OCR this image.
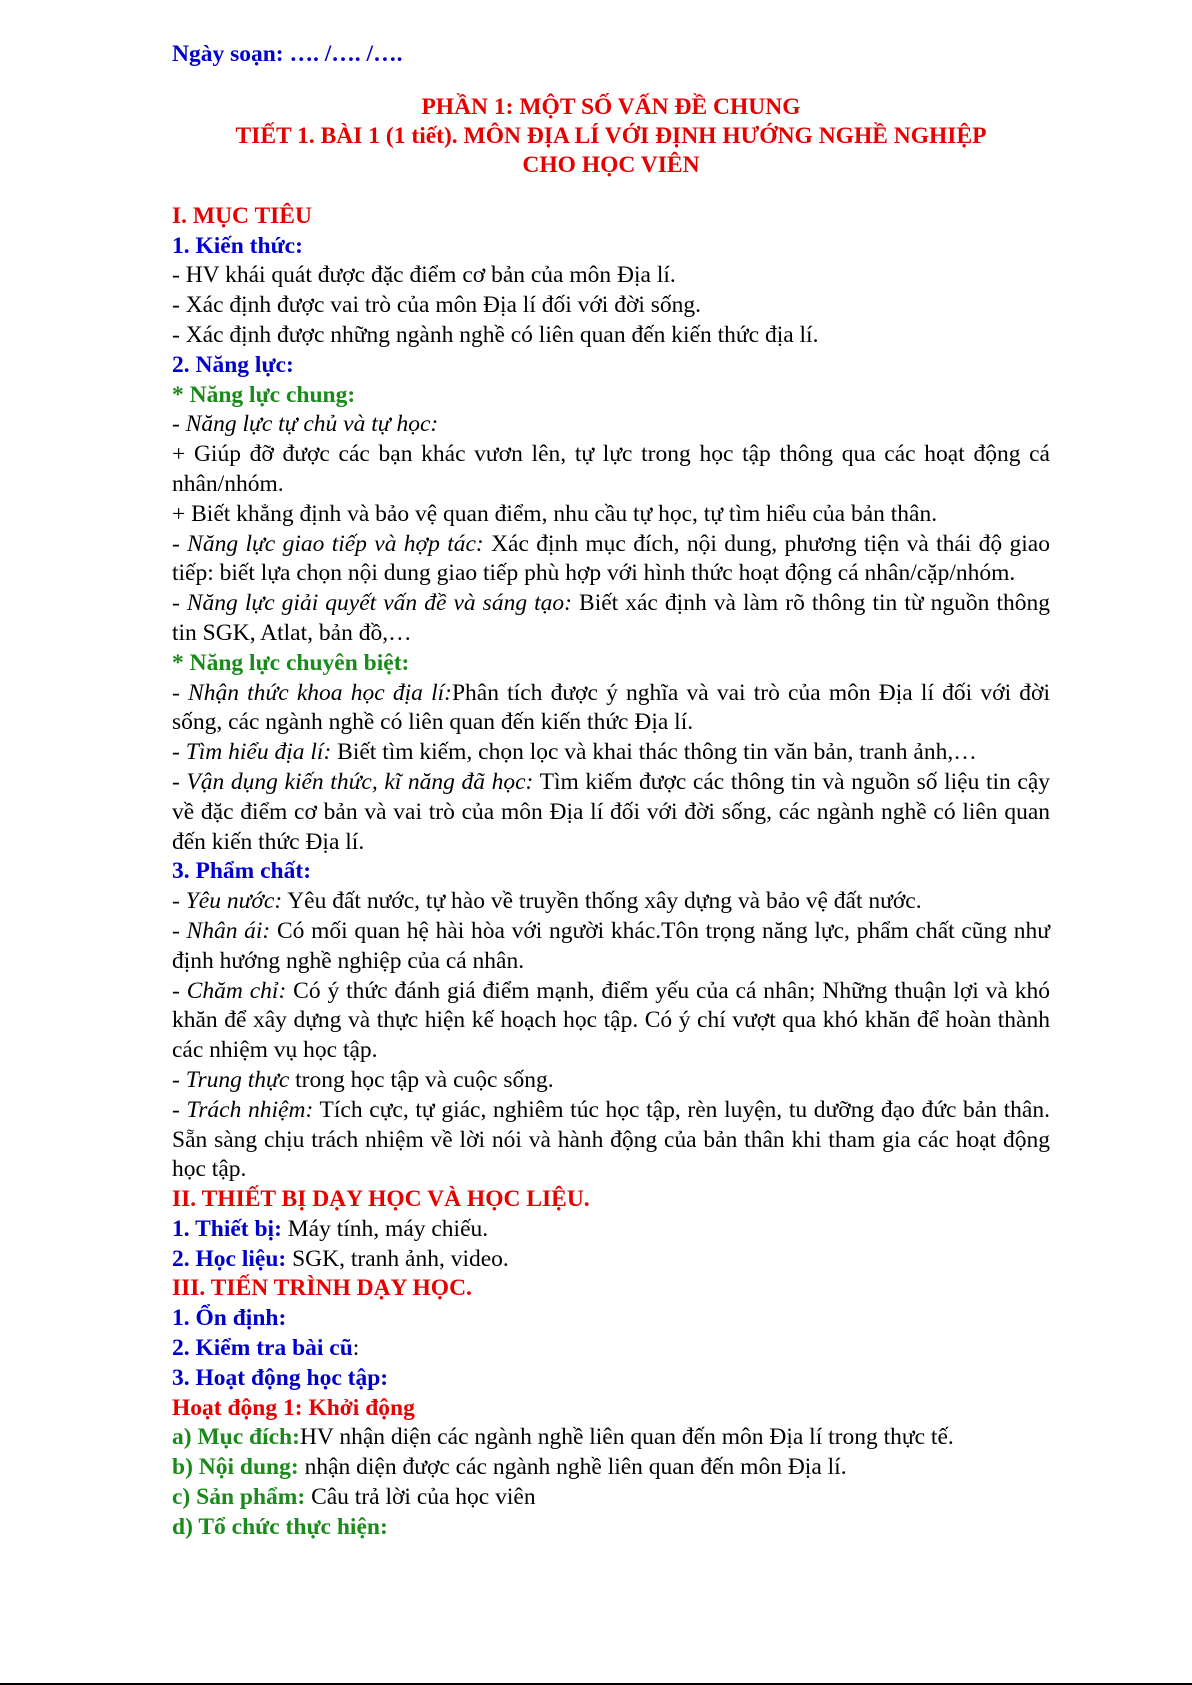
Ngày soạn: …. /…. /….

PHẦN 1: MỘT SỐ VẤN ĐỀ CHUNG

TIẾT 1. BÀI 1 (1 tiết). MÔN ĐỊA LÍ VỚI ĐỊNH HƯỚNG NGHỀ NGHIỆP

CHO HỌC VIÊN

I. MỤC TIÊU

1. Kiến thức:

- HV khái quát được đặc điểm cơ bản của môn Địa lí.

- Xác định được vai trò của môn Địa lí đối với đời sống.

- Xác định được những ngành nghề có liên quan đến kiến thức địa lí.

2. Năng lực:

* Năng lực chung:

- Năng lực tự chủ và tự học:

+ Giúp đỡ được các bạn khác vươn lên, tự lực trong học tập thông qua các hoạt động cá nhân/nhóm.

+ Biết khẳng định và bảo vệ quan điểm, nhu cầu tự học, tự tìm hiểu của bản thân.

- Năng lực giao tiếp và hợp tác: Xác định mục đích, nội dung, phương tiện và thái độ giao tiếp: biết lựa chọn nội dung giao tiếp phù hợp với hình thức hoạt động cá nhân/cặp/nhóm.

- Năng lực giải quyết vấn đề và sáng tạo: Biết xác định và làm rõ thông tin từ nguồn thông tin SGK, Atlat, bản đồ,…

* Năng lực chuyên biệt:

- Nhận thức khoa học địa lí:Phân tích được ý nghĩa và vai trò của môn Địa lí đối với đời sống, các ngành nghề có liên quan đến kiến thức Địa lí.

- Tìm hiểu địa lí: Biết tìm kiếm, chọn lọc và khai thác thông tin văn bản, tranh ảnh,…

- Vận dụng kiến thức, kĩ năng đã học: Tìm kiếm được các thông tin và nguồn số liệu tin cậy về đặc điểm cơ bản và vai trò của môn Địa lí đối với đời sống, các ngành nghề có liên quan đến kiến thức Địa lí.

3. Phẩm chất:

- Yêu nước: Yêu đất nước, tự hào về truyền thống xây dựng và bảo vệ đất nước.

- Nhân ái: Có mối quan hệ hài hòa với người khác.Tôn trọng năng lực, phẩm chất cũng như định hướng nghề nghiệp của cá nhân.

- Chăm chỉ: Có ý thức đánh giá điểm mạnh, điểm yếu của cá nhân; Những thuận lợi và khó khăn để xây dựng và thực hiện kế hoạch học tập. Có ý chí vượt qua khó khăn để hoàn thành các nhiệm vụ học tập.

- Trung thực trong học tập và cuộc sống.

- Trách nhiệm: Tích cực, tự giác, nghiêm túc học tập, rèn luyện, tu dưỡng đạo đức bản thân. Sẵn sàng chịu trách nhiệm về lời nói và hành động của bản thân khi tham gia các hoạt động học tập.

II. THIẾT BỊ DẠY HỌC VÀ HỌC LIỆU.

1. Thiết bị: Máy tính, máy chiếu.

2. Học liệu: SGK, tranh ảnh, video.

III. TIẾN TRÌNH DẠY HỌC.

1. Ổn định:

2. Kiểm tra bài cũ:

3. Hoạt động học tập:

Hoạt động 1: Khởi động

a) Mục đích:HV nhận diện các ngành nghề liên quan đến môn Địa lí trong thực tế.

b) Nội dung: nhận diện được các ngành nghề liên quan đến môn Địa lí.

c) Sản phẩm: Câu trả lời của học viên

d) Tổ chức thực hiện:
